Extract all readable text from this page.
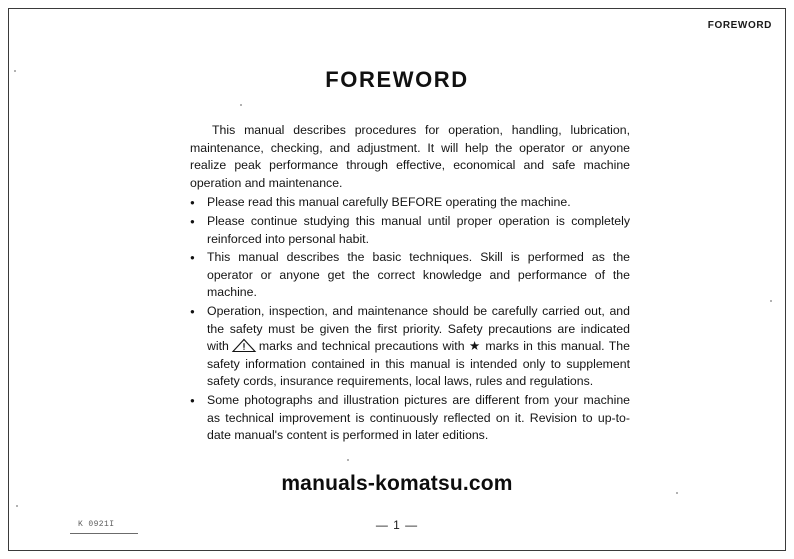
FOREWORD
FOREWORD

This manual describes procedures for operation, handling, lubrication, maintenance, checking, and adjustment. It will help the operator or anyone realize peak performance through effective, economical and safe machine operation and maintenance.

● Please read this manual carefully BEFORE operating the machine.
● Please continue studying this manual until proper operation is completely reinforced into personal habit.
● This manual describes the basic techniques. Skill is performed as the operator or anyone get the correct knowledge and performance of the machine.
● Operation, inspection, and maintenance should be carefully carried out, and the safety must be given the first priority. Safety precautions are indicated with marks and technical precautions with ★ marks in this manual. The safety information contained in this manual is intended only to supplement safety cords, insurance requirements, local laws, rules and regulations.
● Some photographs and illustration pictures are different from your machine as technical improvement is continuously reflected on it. Revision to up-to-date manual's content is performed in later editions.
manuals-komatsu.com
— 1 —
K 0921I
